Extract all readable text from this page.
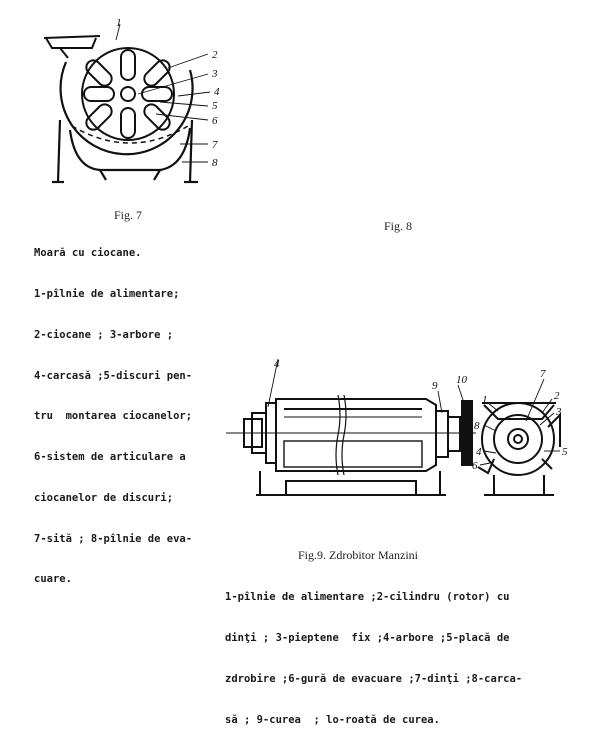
1
2
3
4
5
6
7
8
Fig. 7

Moară cu ciocane.

1-pîlnie de alimentare;

2-ciocane ; 3-arbore ;

4-carcasă ;5-discuri pen-

tru  montarea ciocanelor;

6-sistem de articulare a

ciocanelor de discuri;

7-sită ; 8-pîlnie de eva-

cuare.

Fig. 8
4
9 10
1
7
2
8
3
5
4
6
Fig.9. Zdrobitor Manzini

1-pîlnie de alimentare ;2-cilindru (rotor) cu

dinţi ; 3-pieptene  fix ;4-arbore ;5-placă de

zdrobire ;6-gură de evacuare ;7-dinţi ;8-carca-

să ; 9-curea  ; lo-roată de curea.
